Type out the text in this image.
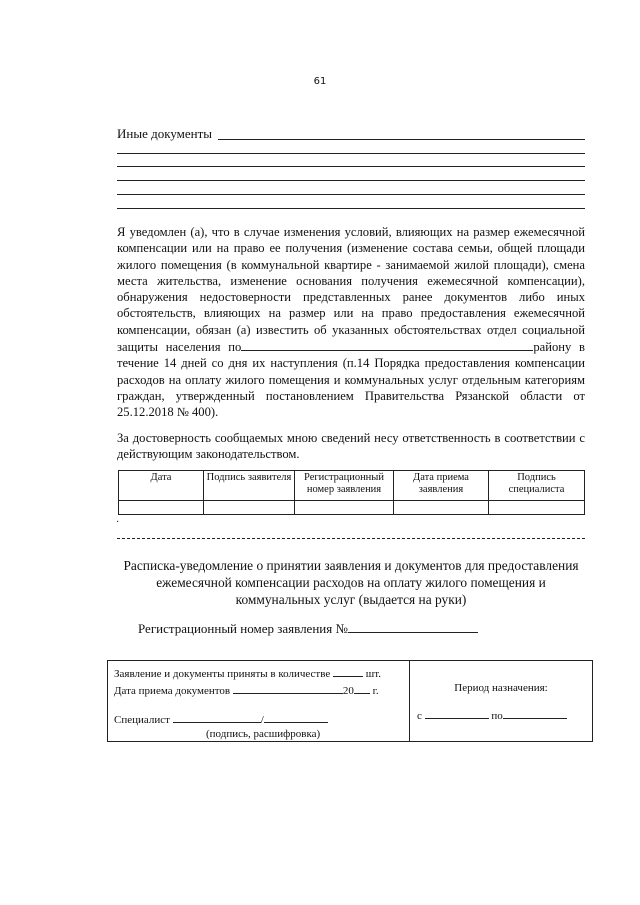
61
Иные документы

Я уведомлен (а), что в случае изменения условий, влияющих на размер ежемесячной компенсации или на право ее получения (изменение состава семьи, общей площади жилого помещения (в коммунальной квартире - занимаемой жилой площади), смена места жительства, изменение основания получения ежемесячной компенсации), обнаружения недостоверности представленных ранее документов либо иных обстоятельств, влияющих на размер или на право предоставления ежемесячной компенсации, обязан (а) известить об указанных обстоятельствах отдел социальной защиты населения по	району в течение 14 дней со дня их наступления (п.14 Порядка предоставления компенсации расходов на оплату жилого помещения и коммунальных услуг отдельным категориям граждан, утвержденный постановлением Правительства Рязанской области от 25.12.2018 № 400).

За достоверность сообщаемых мною сведений несу ответственность в соответствии с действующим законодательством.

Дата	Подпись заявителя	Регистрационный номер заявления	Дата приема заявления	Подпись специалиста

·
Расписка-уведомление о принятии заявления и документов для предоставления ежемесячной компенсации расходов на оплату жилого помещения и коммунальных услуг (выдается на руки)
Регистрационный номер заявления №
Заявление и документы приняты в количестве	шт.
Дата приема документов	20 г.
Специалист	/
(подпись, расшифровка)
Период назначения:
с	по
